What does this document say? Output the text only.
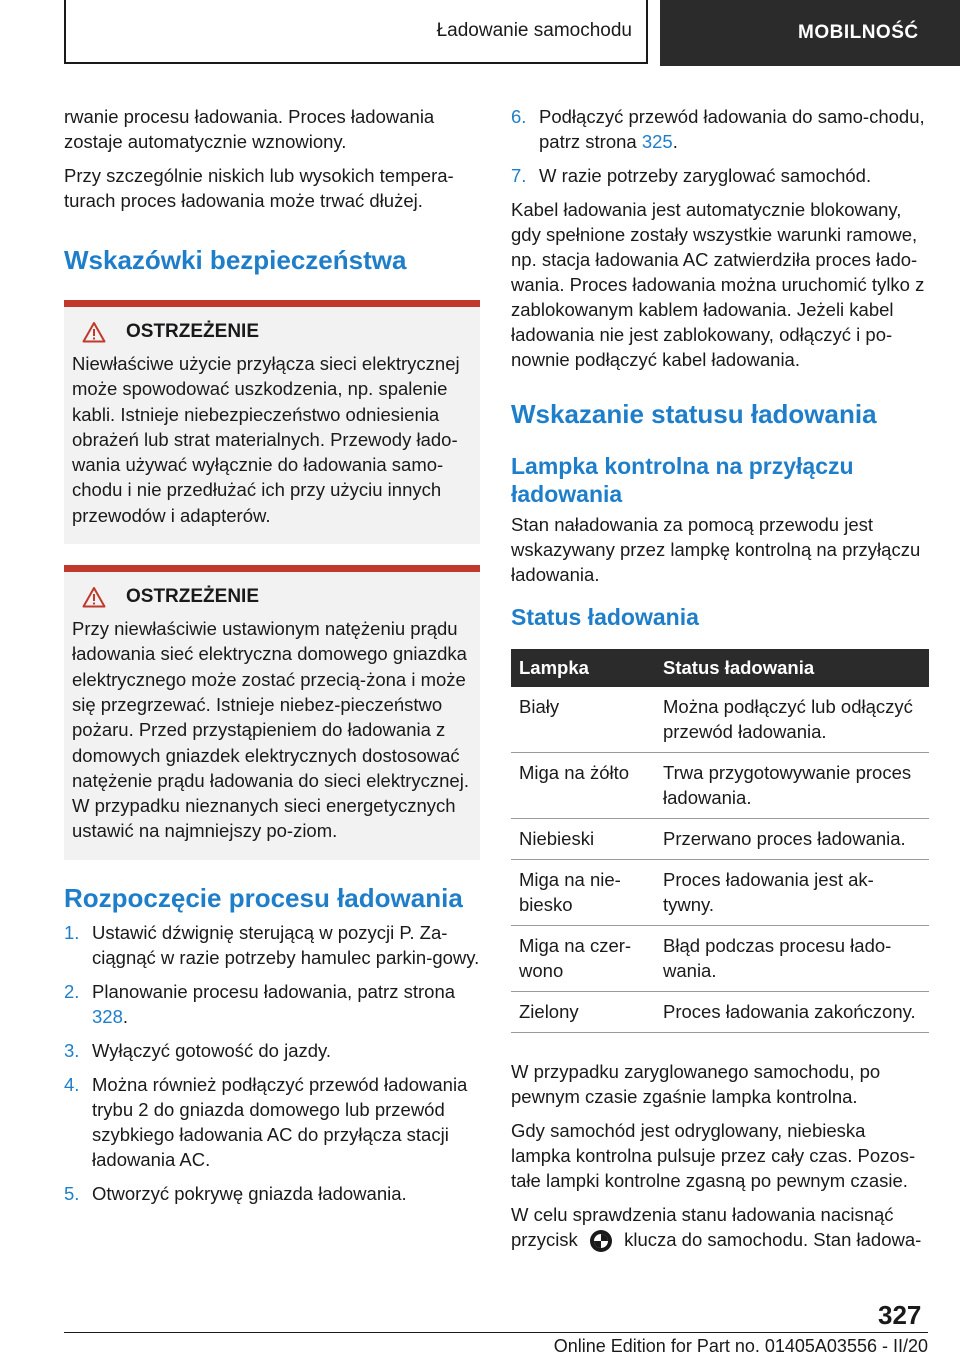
Ładowanie samochodu	MOBILNOŚĆ

rwanie procesu ładowania. Proces ładowania zostaje automatycznie wznowiony.

Przy szczególnie niskich lub wysokich tempera-turach proces ładowania może trwać dłużej.

Wskazówki bezpieczeństwa
OSTRZEŻENIE

Niewłaściwe użycie przyłącza sieci elektrycznej może spowodować uszkodzenia, np. spalenie kabli. Istnieje niebezpieczeństwo odniesienia obrażeń lub strat materialnych. Przewody łado-wania używać wyłącznie do ładowania samo-chodu i nie przedłużać ich przy użyciu innych przewodów i adapterów.

OSTRZEŻENIE

Przy niewłaściwie ustawionym natężeniu prądu ładowania sieć elektryczna domowego gniazdka elektrycznego może zostać przecią-żona i może się przegrzewać. Istnieje niebez-pieczeństwo pożaru. Przed przystąpieniem do ładowania z domowych gniazdek elektrycznych dostosować natężenie prądu ładowania do sieci elektrycznej. W przypadku nieznanych sieci energetycznych ustawić na najmniejszy po-ziom.

Rozpoczęcie procesu ładowania
1. Ustawić dźwignię sterującą w pozycji P. Za-ciągnąć w razie potrzeby hamulec parkin-gowy.
2. Planowanie procesu ładowania, patrz strona 328.
3. Wyłączyć gotowość do jazdy.
4. Można również podłączyć przewód ładowania trybu 2 do gniazda domowego lub przewód szybkiego ładowania AC do przyłącza stacji ładowania AC.
5. Otworzyć pokrywę gniazda ładowania.
6. Podłączyć przewód ładowania do samo-chodu, patrz strona 325.
7. W razie potrzeby zaryglować samochód.

Kabel ładowania jest automatycznie blokowany, gdy spełnione zostały wszystkie warunki ramowe, np. stacja ładowania AC zatwierdziła proces łado-wania. Proces ładowania można uruchomić tylko z zablokowanym kablem ładowania. Jeżeli kabel ładowania nie jest zablokowany, odłączyć i po-nownie podłączyć kabel ładowania.

Wskazanie statusu ładowania
Lampka kontrolna na przyłączu ładowania

Stan naładowania za pomocą przewodu jest wskazywany przez lampkę kontrolną na przyłączu ładowania.

Status ładowania
Lampka	Status ładowania
Biały	Można podłączyć lub odłączyć przewód ładowania.
Miga na żółto	Trwa przygotowywanie proces ładowania.
Niebieski	Przerwano proces ładowania.
Miga na nie-biesko	Proces ładowania jest ak-tywny.
Miga na czer-wono	Błąd podczas procesu łado-wania.
Zielony	Proces ładowania zakończony.

W przypadku zaryglowanego samochodu, po pewnym czasie zgaśnie lampka kontrolna.

Gdy samochód jest odryglowany, niebieska lampka kontrolna pulsuje przez cały czas. Pozos-tałe lampki kontrolne zgasną po pewnym czasie.

W celu sprawdzenia stanu ładowania nacisnąć przycisk	klucza do samochodu. Stan ładowa-

327
Online Edition for Part no. 01405A03556 - II/20
